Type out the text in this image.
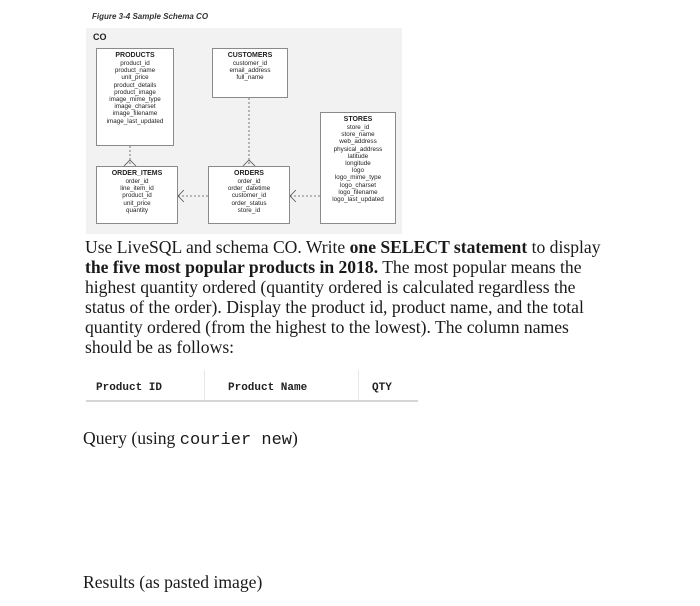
Figure 3-4 Sample Schema CO
CO
PRODUCTS
product_id
product_name
unit_price
product_details
product_image
image_mime_type
image_charset
image_filename
image_last_updated
CUSTOMERS
customer_id
email_address
full_name
STORES
store_id
store_name
web_address
physical_address
latitude
longitude
logo
logo_mime_type
logo_charset
logo_filename
logo_last_updated
ORDER_ITEMS
order_id
line_item_id
product_id
unit_price
quantity
ORDERS
order_id
order_datetime
customer_id
order_status
store_id
Use LiveSQL and schema CO. Write one SELECT statement to display the five most popular products in 2018. The most popular means the highest quantity ordered (quantity ordered is calculated regardless the status of the order). Display the product id, product name, and the total quantity ordered (from the highest to the lowest). The column names should be as follows:
Product ID	Product Name	QTY
Query (using courier new)
Results (as pasted image)
